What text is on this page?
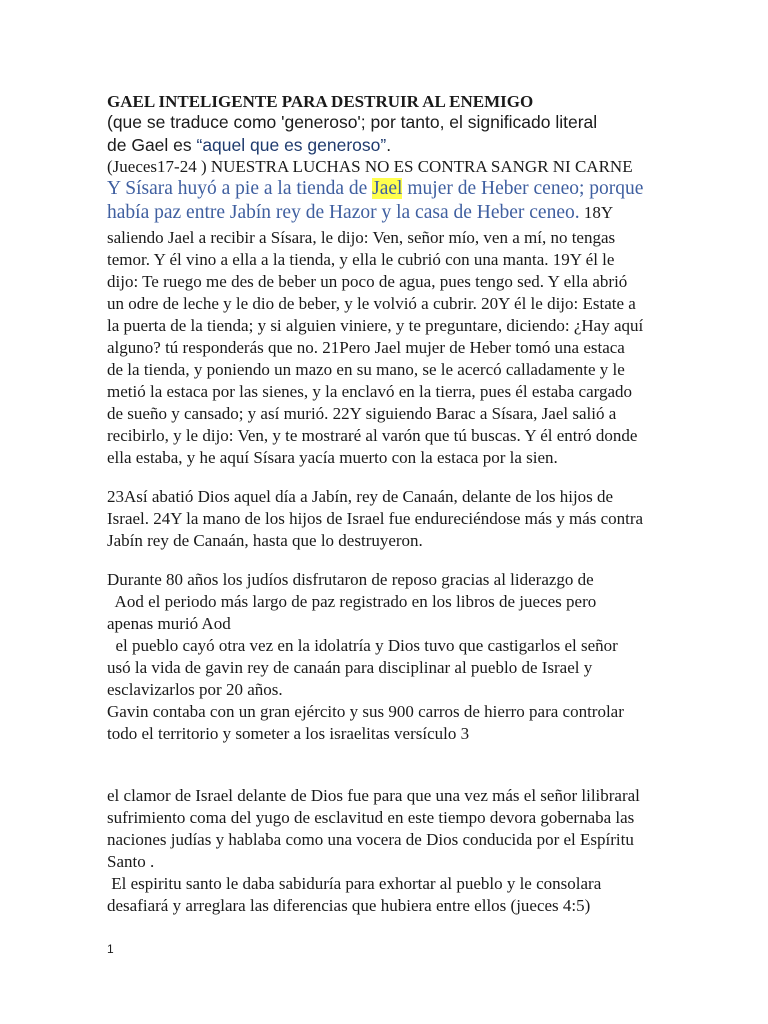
GAEL INTELIGENTE PARA DESTRUIR AL ENEMIGO
(que se traduce como 'generoso'; por tanto, el significado literal
de Gael es “aquel que es generoso”.
(Jueces17-24 ) NUESTRA LUCHAS NO ES CONTRA SANGR NI CARNE
Y Sísara huyó a pie a la tienda de Jael mujer de Heber ceneo; porque
había paz entre Jabín rey de Hazor y la casa de Heber ceneo. 18Y
saliendo Jael a recibir a Sísara, le dijo: Ven, señor mío, ven a mí, no tengas
temor. Y él vino a ella a la tienda, y ella le cubrió con una manta. 19Y él le
dijo: Te ruego me des de beber un poco de agua, pues tengo sed. Y ella abrió
un odre de leche y le dio de beber, y le volvió a cubrir. 20Y él le dijo: Estate a
la puerta de la tienda; y si alguien viniere, y te preguntare, diciendo: ¿Hay aquí
alguno? tú responderás que no. 21Pero Jael mujer de Heber tomó una estaca
de la tienda, y poniendo un mazo en su mano, se le acercó calladamente y le
metió la estaca por las sienes, y la enclavó en la tierra, pues él estaba cargado
de sueño y cansado; y así murió. 22Y siguiendo Barac a Sísara, Jael salió a
recibirlo, y le dijo: Ven, y te mostraré al varón que tú buscas. Y él entró donde
ella estaba, y he aquí Sísara yacía muerto con la estaca por la sien.
23Así abatió Dios aquel día a Jabín, rey de Canaán, delante de los hijos de
Israel. 24Y la mano de los hijos de Israel fue endureciéndose más y más contra
Jabín rey de Canaán, hasta que lo destruyeron.
Durante 80 años los judíos disfrutaron de reposo gracias al liderazgo de
Aod el periodo más largo de paz registrado en los libros de jueces pero
apenas murió Aod
el pueblo cayó otra vez en la idolatría y Dios tuvo que castigarlos el señor
usó la vida de gavin rey de canaán para disciplinar al pueblo de Israel y
esclavizarlos por 20 años.
Gavin contaba con un gran ejército y sus 900 carros de hierro para controlar
todo el territorio y someter a los israelitas versículo 3
el clamor de Israel delante de Dios fue para que una vez más el señor lilibraral
sufrimiento coma del yugo de esclavitud en este tiempo devora gobernaba las
naciones judías y hablaba como una vocera de Dios conducida por el Espíritu
Santo .
El espiritu santo le daba sabiduría para exhortar al pueblo y le consolara
desafiará y arreglara las diferencias que hubiera entre ellos (jueces 4:5)
1
